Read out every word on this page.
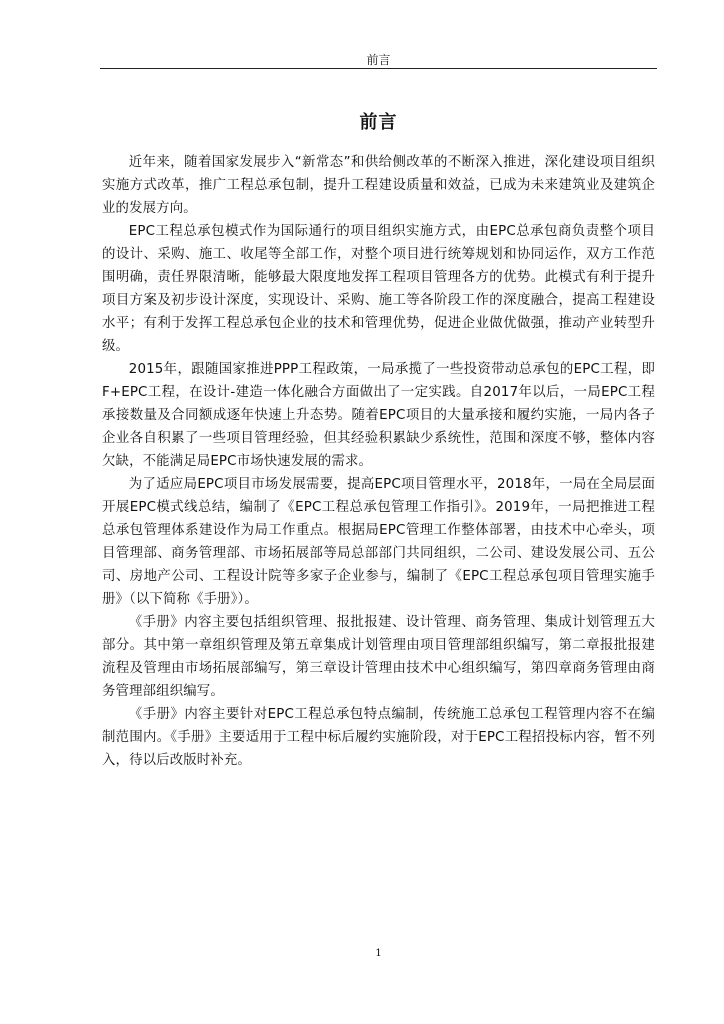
前言
前言

近年来，随着国家发展步入“新常态”和供给侧改革的不断深入推进，深化建设项目组织实施方式改革，推广工程总承包制，提升工程建设质量和效益，已成为未来建筑业及建筑企业的发展方向。

EPC工程总承包模式作为国际通行的项目组织实施方式，由EPC总承包商负责整个项目的设计、采购、施工、收尾等全部工作，对整个项目进行统筹规划和协同运作，双方工作范围明确，责任界限清晰，能够最大限度地发挥工程项目管理各方的优势。此模式有利于提升项目方案及初步设计深度，实现设计、采购、施工等各阶段工作的深度融合，提高工程建设水平；有利于发挥工程总承包企业的技术和管理优势，促进企业做优做强，推动产业转型升级。

2015年，跟随国家推进PPP工程政策，一局承揽了一些投资带动总承包的EPC工程，即F+EPC工程，在设计-建造一体化融合方面做出了一定实践。自2017年以后，一局EPC工程承接数量及合同额成逐年快速上升态势。随着EPC项目的大量承接和履约实施，一局内各子企业各自积累了一些项目管理经验，但其经验积累缺少系统性，范围和深度不够，整体内容欠缺，不能满足局EPC市场快速发展的需求。

为了适应局EPC项目市场发展需要，提高EPC项目管理水平，2018年，一局在全局层面开展EPC模式线总结，编制了《EPC工程总承包管理工作指引》。2019年，一局把推进工程总承包管理体系建设作为局工作重点。根据局EPC管理工作整体部署，由技术中心牵头，项目管理部、商务管理部、市场拓展部等局总部部门共同组织，二公司、建设发展公司、五公司、房地产公司、工程设计院等多家子企业参与，编制了《EPC工程总承包项目管理实施手册》（以下简称《手册》）。

《手册》内容主要包括组织管理、报批报建、设计管理、商务管理、集成计划管理五大部分。其中第一章组织管理及第五章集成计划管理由项目管理部组织编写，第二章报批报建流程及管理由市场拓展部编写，第三章设计管理由技术中心组织编写，第四章商务管理由商务管理部组织编写。

《手册》内容主要针对EPC工程总承包特点编制，传统施工总承包工程管理内容不在编制范围内。《手册》主要适用于工程中标后履约实施阶段，对于EPC工程招投标内容，暂不列入，待以后改版时补充。

1
